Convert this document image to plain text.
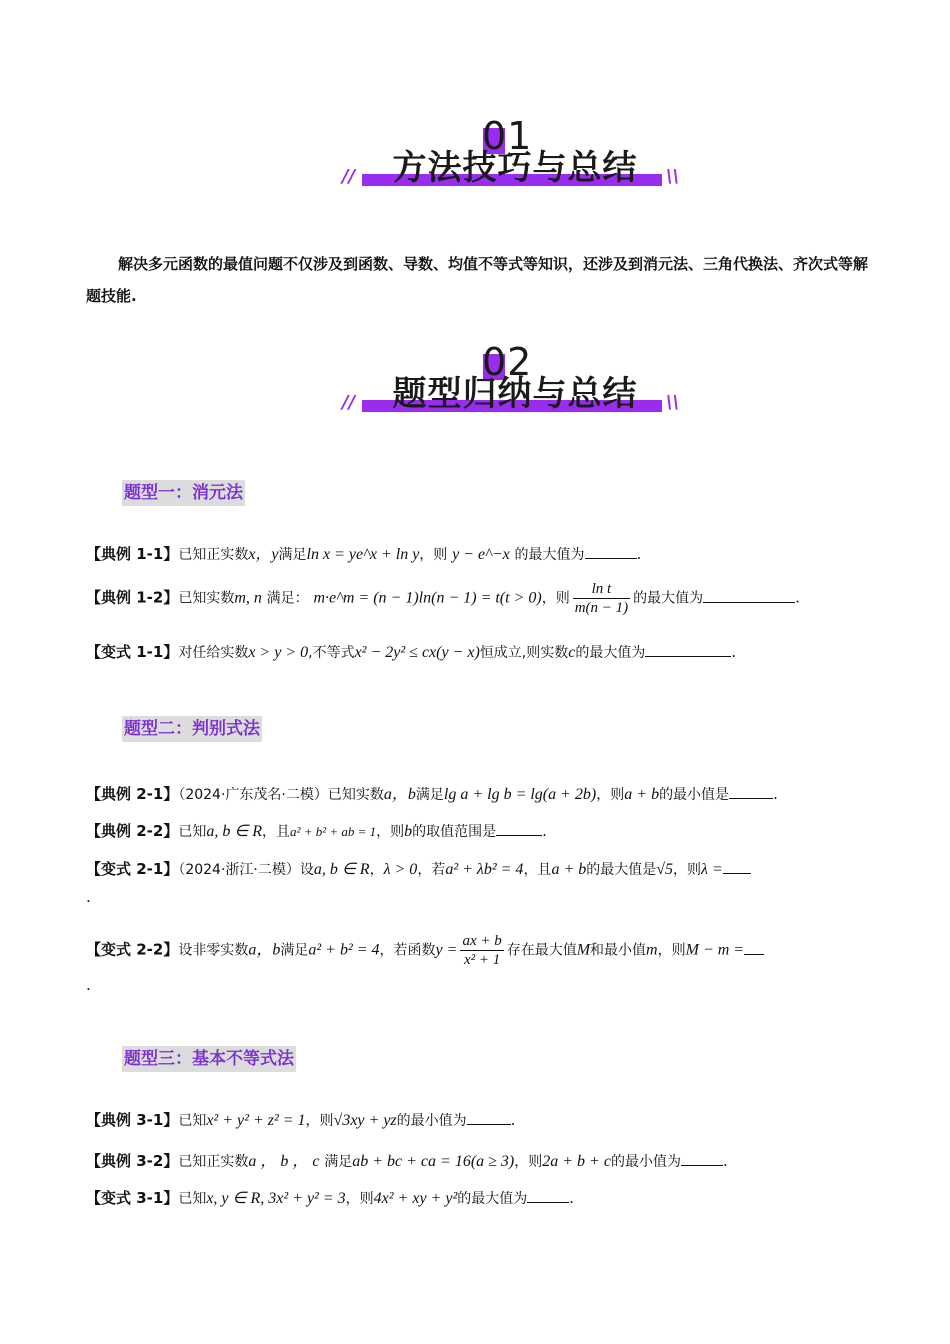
01
方法技巧与总结
//	\\
解决多元函数的最值问题不仅涉及到函数、导数、均值不等式等知识，还涉及到消元法、三角代换法、齐次式等解题技能.
02
题型归纳与总结
//	\\
题型一：消元法
【典例 1-1】已知正实数x，y满足ln x = ye^x + ln y，则 y − e^−x 的最大值为	.
【典例 1-2】已知实数m, n 满足： m·e^m = (n − 1)ln(n − 1) = t(t > 0)，则 $\frac{\text{ln t}}{m(n - 1)}$ 的最大值为	.
【变式 1-1】对任给实数x > y > 0,不等式x² − 2y² ≤ cx(y − x)恒成立,则实数c的最大值为	.
题型二：判别式法
【典例 2-1】（2024·广东茂名·二模）已知实数a，b满足lg a + lg b = lg(a + 2b)，则a + b的最小值是	.
【典例 2-2】已知a, b ∈ R，且a² + b² + ab = 1，则b的取值范围是	.
【变式 2-1】（2024·浙江·二模）设a, b ∈ R，λ > 0，若a² + λb² = 4，且a + b的最大值是√5，则λ =
.
【变式 2-2】设非零实数a，b满足a² + b² = 4，若函数$y = \frac{ax + b}{\text{x² + 1}}$ 存在最大值M和最小值m，则M − m =
.
题型三：基本不等式法
【典例 3-1】已知x² + y² + z² = 1，则√3xy + yz的最小值为	.
【典例 3-2】已知正实数a ， b ， c 满足ab + bc + ca = 16(a ≥ 3)，则2a + b + c的最小值为	.
【变式 3-1】已知x, y ∈ R, 3x² + y² = 3，则4x² + xy + y²的最大值为	.
